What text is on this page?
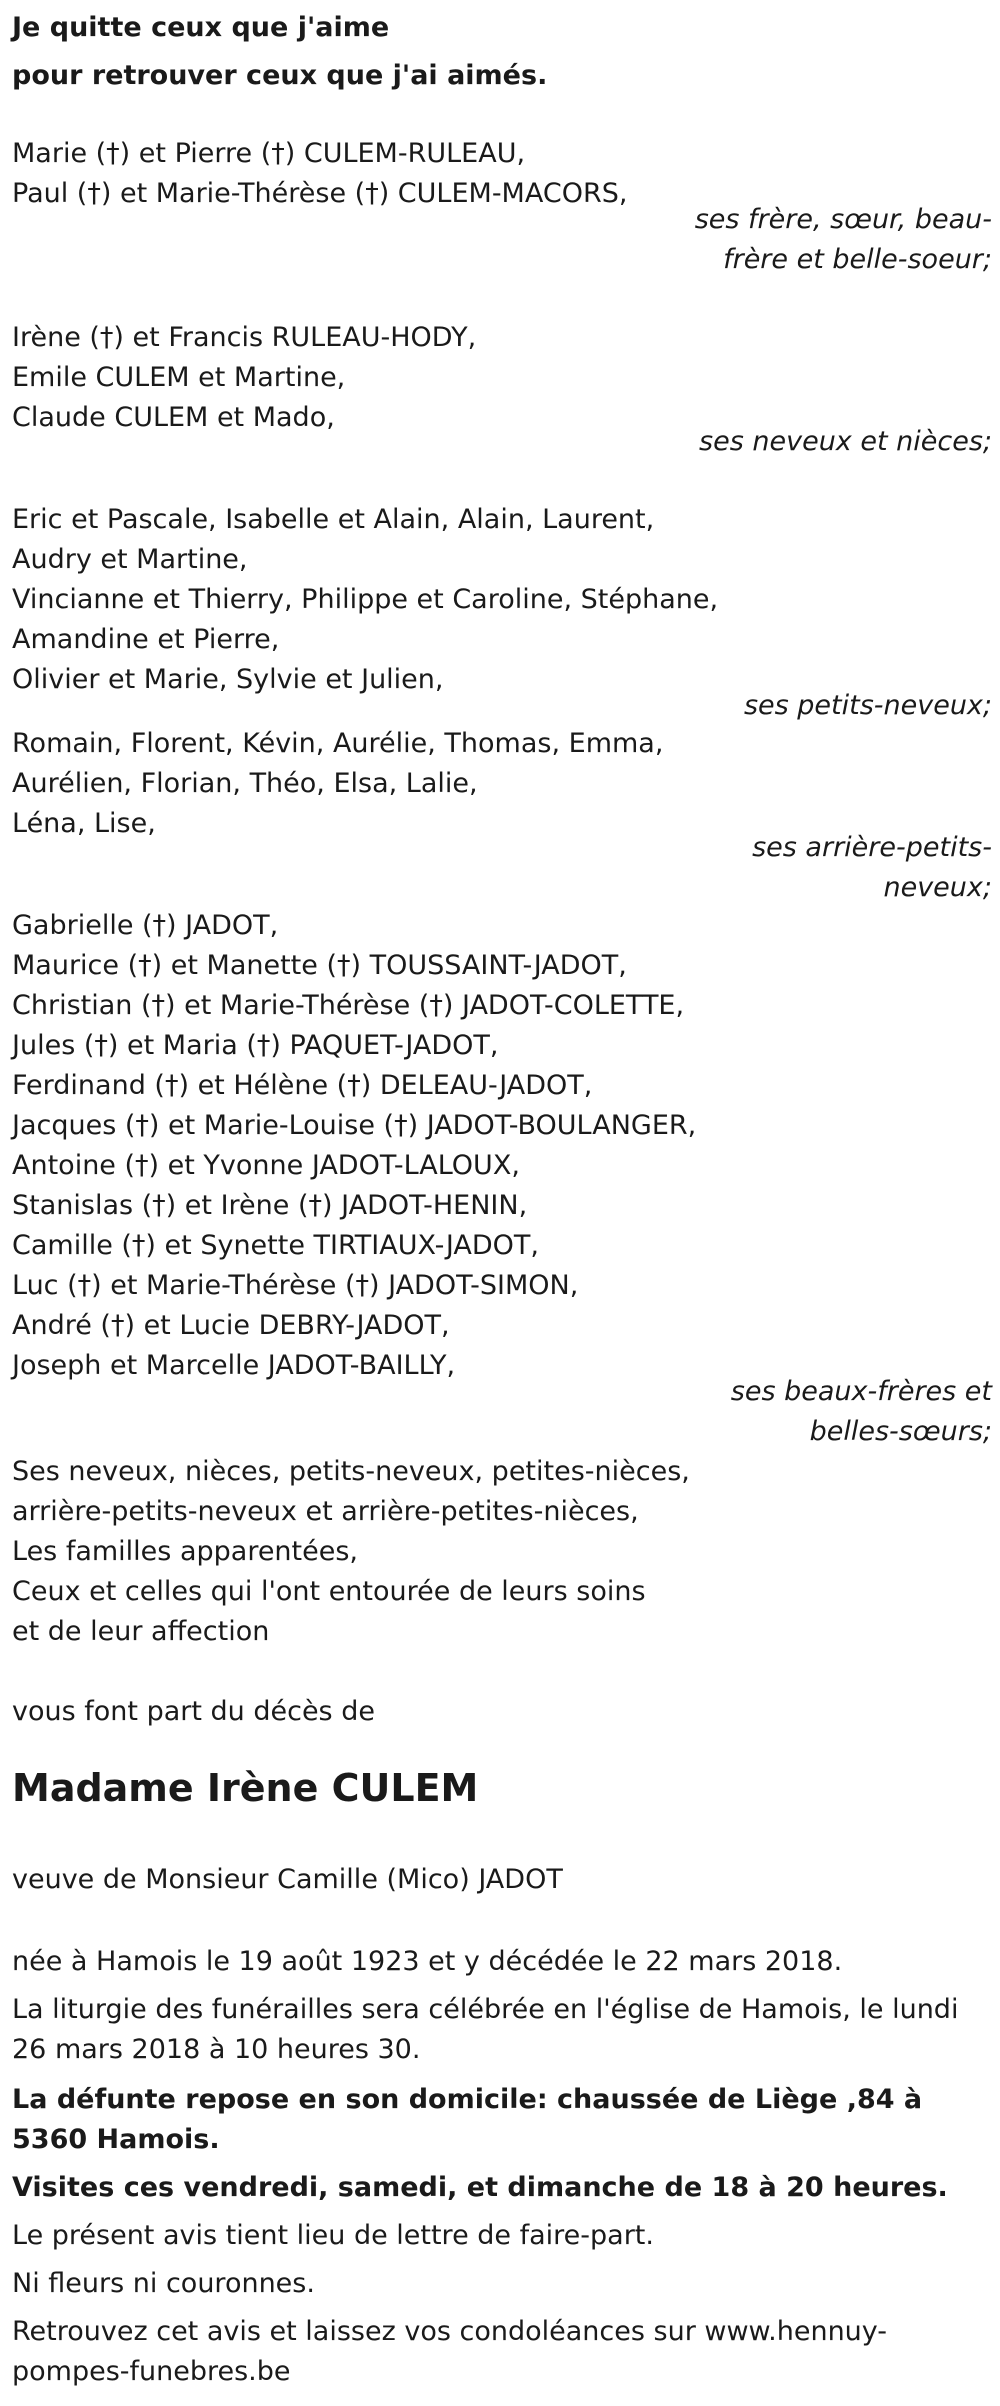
Je quitte ceux que j'aime
pour retrouver ceux que j'ai aimés.
Marie (†) et Pierre (†) CULEM-RULEAU,
Paul (†) et Marie-Thérèse (†) CULEM-MACORS,
ses frère, sœur, beau-frère et belle-soeur;
Irène (†) et Francis RULEAU-HODY,
Emile CULEM et Martine,
Claude CULEM et Mado,
ses neveux et nièces;
Eric et Pascale, Isabelle et Alain, Alain, Laurent,
Audry et Martine,
Vincianne et Thierry, Philippe et Caroline, Stéphane,
Amandine et Pierre,
Olivier et Marie, Sylvie et Julien,
ses petits-neveux;
Romain, Florent, Kévin, Aurélie, Thomas, Emma,
Aurélien, Florian, Théo, Elsa, Lalie,
Léna, Lise,
ses arrière-petits-neveux;
Gabrielle (†) JADOT,
Maurice (†) et Manette (†) TOUSSAINT-JADOT,
Christian (†) et Marie-Thérèse (†) JADOT-COLETTE,
Jules (†) et Maria (†) PAQUET-JADOT,
Ferdinand (†) et Hélène (†) DELEAU-JADOT,
Jacques (†) et Marie-Louise (†) JADOT-BOULANGER,
Antoine (†) et Yvonne JADOT-LALOUX,
Stanislas (†) et Irène (†) JADOT-HENIN,
Camille (†) et Synette TIRTIAUX-JADOT,
Luc (†) et Marie-Thérèse (†) JADOT-SIMON,
André (†) et Lucie DEBRY-JADOT,
Joseph et Marcelle JADOT-BAILLY,
ses beaux-frères et belles-sœurs;
Ses neveux, nièces, petits-neveux, petites-nièces,
arrière-petits-neveux et arrière-petites-nièces,
Les familles apparentées,
Ceux et celles qui l'ont entourée de leurs soins
et de leur affection
vous font part du décès de
Madame Irène CULEM
veuve de Monsieur Camille (Mico) JADOT
née à Hamois le 19 août 1923 et y décédée le 22 mars 2018.
La liturgie des funérailles sera célébrée en l'église de Hamois, le lundi 26 mars 2018 à 10 heures 30.
La défunte repose en son domicile: chaussée de Liège ,84 à 5360 Hamois.
Visites ces vendredi, samedi, et dimanche de 18 à 20 heures.
Le présent avis tient lieu de lettre de faire-part.
Ni fleurs ni couronnes.
Retrouvez cet avis et laissez vos condoléances sur www.hennuy-pompes-funebres.be
